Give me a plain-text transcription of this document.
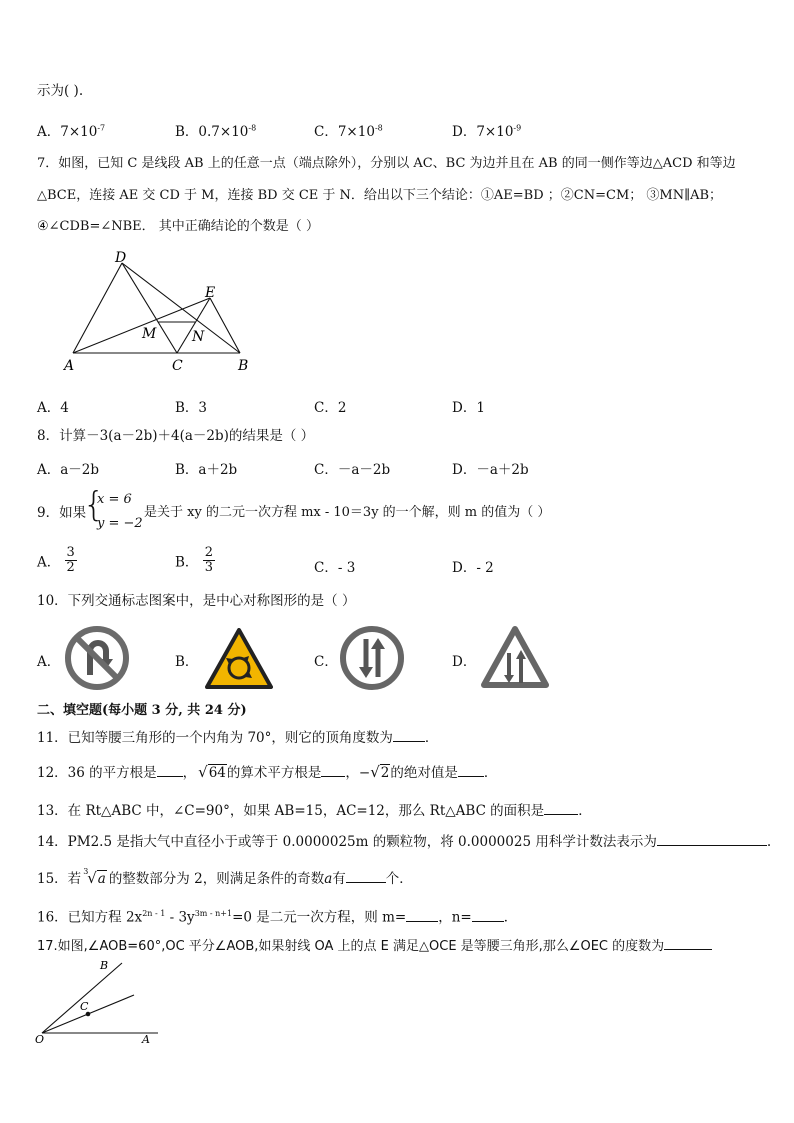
示为( ).
A．$7\times 10^{-7}$	B．$0.7\times 10^{-8}$	C．$7\times 10^{-8}$	D．$7\times 10^{-9}$
7．如图，已知 C 是线段 AB 上的任意一点（端点除外），分别以 AC、BC 为边并且在 AB 的同一侧作等边△ACD 和等边
△BCE，连接 AE 交 CD 于 M，连接 BD 交 CE 于 N．给出以下三个结论：①AE=BD ；②CN=CM； ③MN∥AB；
④∠CDB=∠NBE． 其中正确结论的个数是（ ）
D
E
M	N
A	C	B
A．4	B．3	C．2	D．1
8．计算－3(a－2b)＋4(a－2b)的结果是（ ）
A．a－2b	B．a＋2b	C．－a－2b	D．－a＋2b
9．如果
{
x = 6
y = −2
是关于 xy 的二元一次方程 mx - 10＝3y 的一个解，则 m 的值为（ ）
A． $\frac{3}{2}$	B． $\frac{2}{3}$	C．- 3	D．- 2
10．下列交通标志图案中，是中心对称图形的是（ ）
A．	B．	C．	D．
二、填空题(每小题 3 分, 共 24 分)
11．已知等腰三角形的一个内角为 70°，则它的顶角度数为 ．
12．36 的平方根是 ， √64的算术平方根是 ，−√2的绝对值是 ．
13．在 Rt△ABC 中，∠C=90°，如果 AB=15，AC=12，那么 Rt△ABC 的面积是	．
14．PM2.5 是指大气中直径小于或等于 0.0000025m 的颗粒物，将 0.0000025 用科学计数法表示为	.
15．若 3
√a 的整数部分为 2，则满足条件的奇数a有	个．
16．已知方程 $2x^{2n - 1} - 3y^{3m - n+1}=0$ 是二元一次方程，则 m= ，n= ．
17.如图,∠AOB=60°,OC 平分∠AOB,如果射线 OA 上的点 E 满足△OCE 是等腰三角形,那么∠OEC 的度数为
B
C
O	A
